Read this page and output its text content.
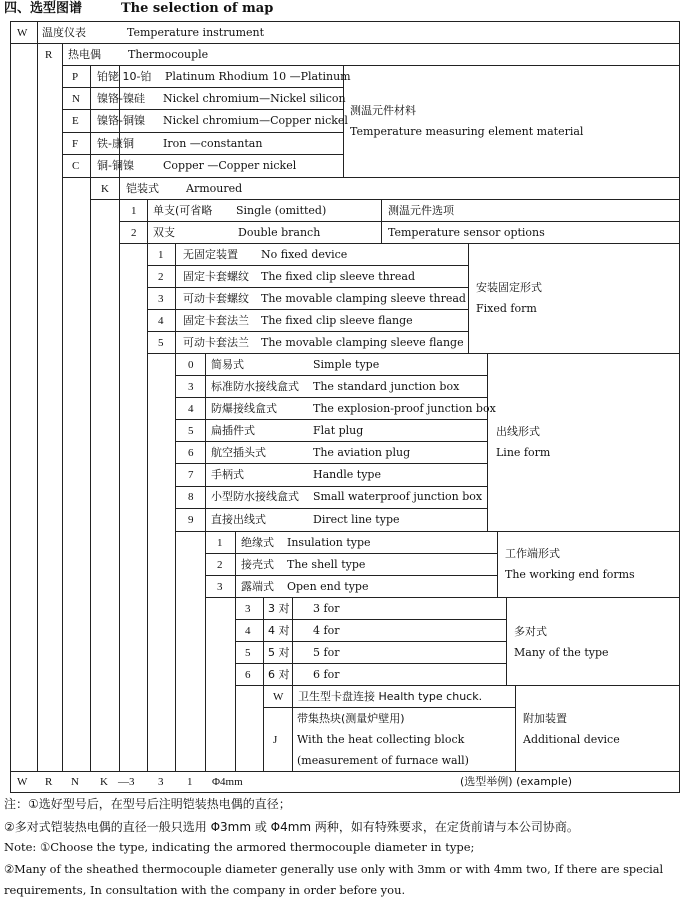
四、选型图谱	The selection of map
W 温度仪表	Temperature instrument
R 热电偶 Thermocouple
P 铂铑 10-铂 Platinum Rhodium 10 —Platinum
N 镍铬-镍硅 Nickel chromium—Nickel silicon
E 镍铬-铜镍 Nickel chromium—Copper nickel
F 铁-康铜	Iron —constantan
C 铜-铜镍	Copper —Copper nickel
测温元件材料
Temperature measuring element material
K 铠装式 Armoured
1 单支(可省略 Single (omitted)
2 双支	Double branch
测温元件选项
Temperature sensor options
1 无固定装置 No fixed device
2 固定卡套螺纹 The fixed clip sleeve thread
3 可动卡套螺纹 The movable clamping sleeve thread
4 固定卡套法兰 The fixed clip sleeve flange
5 可动卡套法兰 The movable clamping sleeve flange
安装固定形式
Fixed form
0 简易式	Simple type
3 标准防水接线盒式 The standard junction box
4 防爆接线盒式	The explosion-proof junction box
5 扁插件式	Flat plug
6 航空插头式	The aviation plug
7 手柄式	Handle type
8 小型防水接线盒式 Small waterproof junction box
9 直接出线式	Direct line type
出线形式
Line form
1 绝缘式 Insulation type
2 接壳式 The shell type
3 露端式 Open end type
工作端形式
The working end forms
3 3 对 3 for
4 4 对 4 for
5 5 对 5 for
6 6 对 6 for
多对式
Many of the type
W 卫生型卡盘连接 Health type chuck.
J
带集热块(测量炉壁用)
With the heat collecting block
(measurement of furnace wall)
附加装置
Additional device
W R N K —3 3 1 Φ4mm	(选型举例) (example)
注：①选好型号后，在型号后注明铠装热电偶的直径；
②多对式铠装热电偶的直径一般只选用 Φ3mm 或 Φ4mm 两种，如有特殊要求，在定货前请与本公司协商。
Note: ①Choose the type, indicating the armored thermocouple diameter in type;
②Many of the sheathed thermocouple diameter generally use only with 3mm or with 4mm two, If there are special
requirements, In consultation with the company in order before you.
